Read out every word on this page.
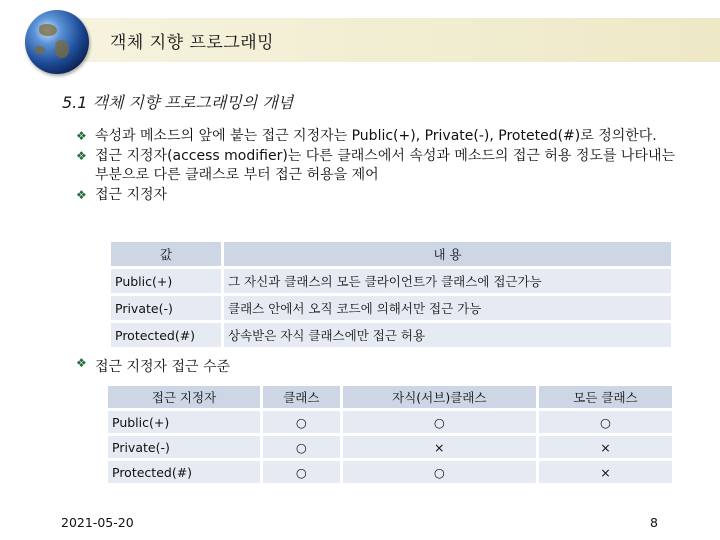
객체 지향 프로그래밍
5.1 객체 지향 프로그래밍의 개념
❖ 속성과 메소드의 앞에 붙는 접근 지정자는 Public(+), Private(-), Proteted(#)로 정의한다.
❖ 접근 지정자(access modifier)는 다른 클래스에서 속성과 메소드의 접근 허용 정도를 나타내는 부분으로 다른 클래스로 부터 접근 허용을 제어
❖ 접근 지정자
값	내 용
Public(+)	그 자신과 클래스의 모든 클라이언트가 클래스에 접근가능
Private(-)	클래스 안에서 오직 코드에 의해서만 접근 가능
Protected(#)	상속받은 자식 클래스에만 접근 허용
❖ 접근 지정자 접근 수준
접근 지정자	클래스	자식(서브)클래스	모든 클래스
Public(+)	○	○	○
Private(-)	○	×	×
Protected(#)	○	○	×
2021-05-20	8
